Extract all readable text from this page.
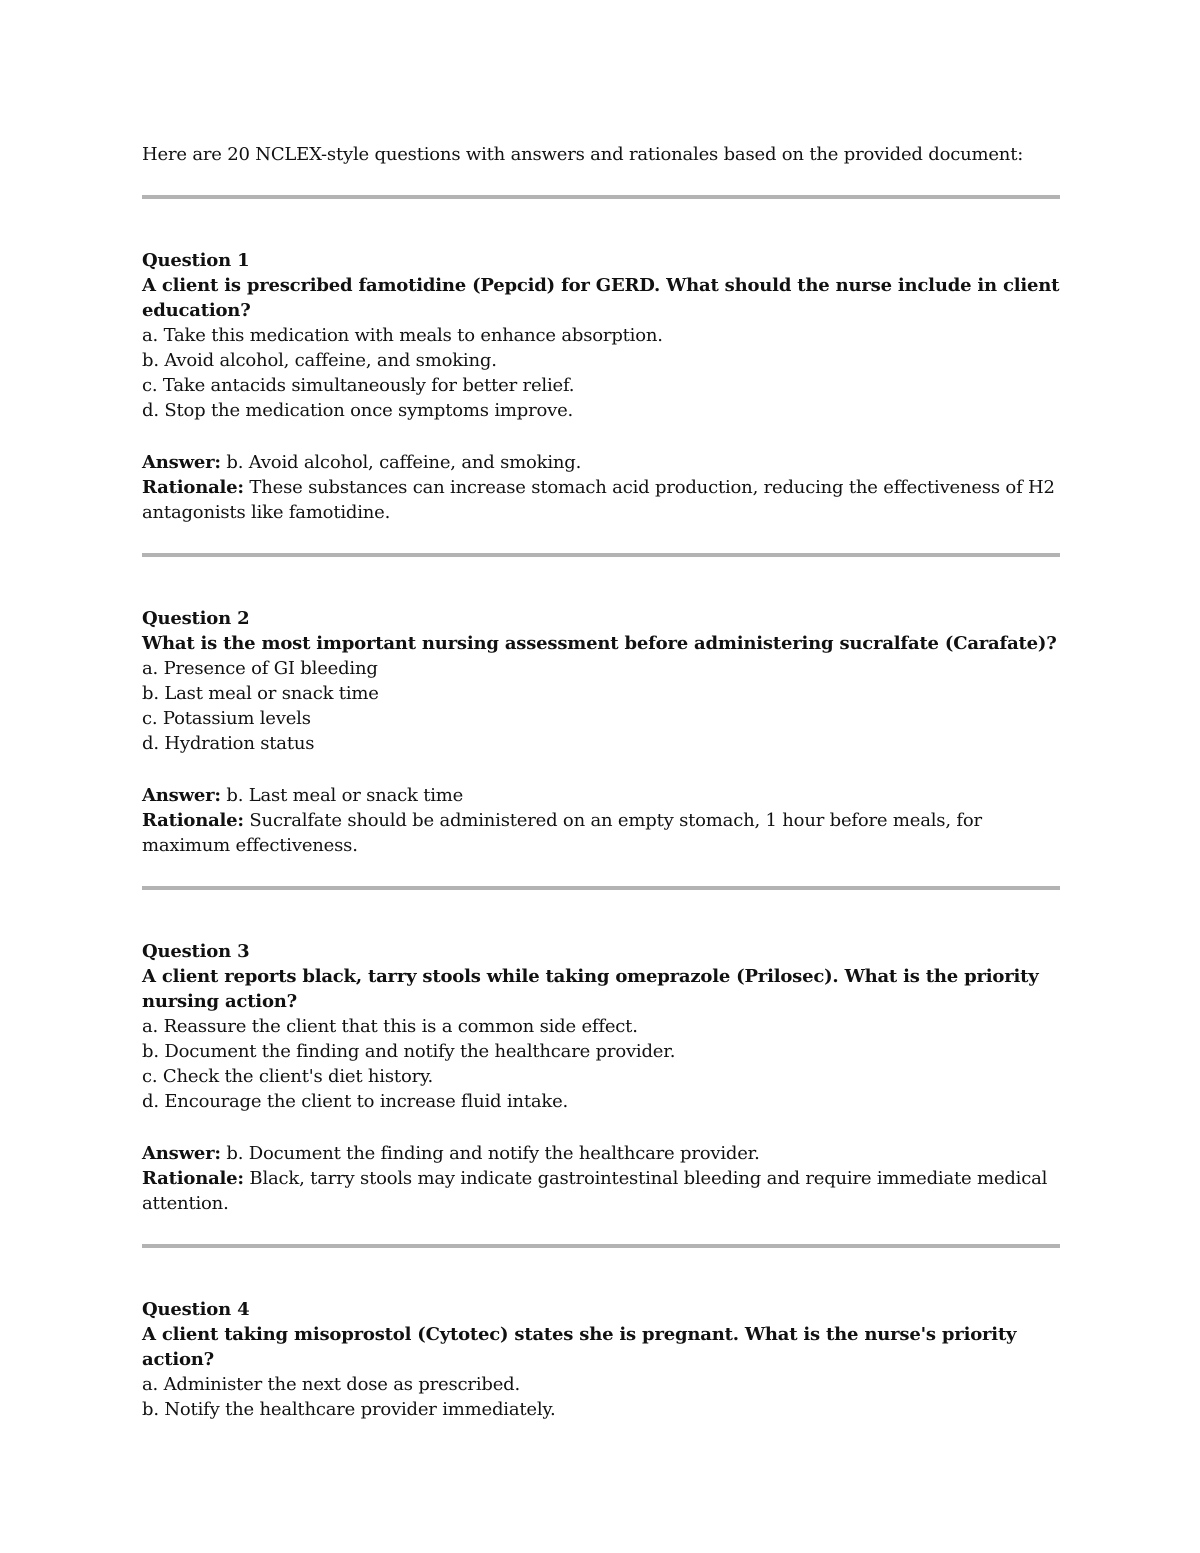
Here are 20 NCLEX-style questions with answers and rationales based on the provided document:

Question 1

A client is prescribed famotidine (Pepcid) for GERD. What should the nurse include in client education?

a. Take this medication with meals to enhance absorption.
b. Avoid alcohol, caffeine, and smoking.
c. Take antacids simultaneously for better relief.
d. Stop the medication once symptoms improve.

Answer: b. Avoid alcohol, caffeine, and smoking.

Rationale: These substances can increase stomach acid production, reducing the effectiveness of H2 antagonists like famotidine.

Question 2

What is the most important nursing assessment before administering sucralfate (Carafate)?

a. Presence of GI bleeding
b. Last meal or snack time
c. Potassium levels
d. Hydration status

Answer: b. Last meal or snack time

Rationale: Sucralfate should be administered on an empty stomach, 1 hour before meals, for maximum effectiveness.

Question 3

A client reports black, tarry stools while taking omeprazole (Prilosec). What is the priority nursing action?

a. Reassure the client that this is a common side effect.
b. Document the finding and notify the healthcare provider.
c. Check the client's diet history.
d. Encourage the client to increase fluid intake.

Answer: b. Document the finding and notify the healthcare provider.

Rationale: Black, tarry stools may indicate gastrointestinal bleeding and require immediate medical attention.

Question 4

A client taking misoprostol (Cytotec) states she is pregnant. What is the nurse's priority action?

a. Administer the next dose as prescribed.
b. Notify the healthcare provider immediately.
